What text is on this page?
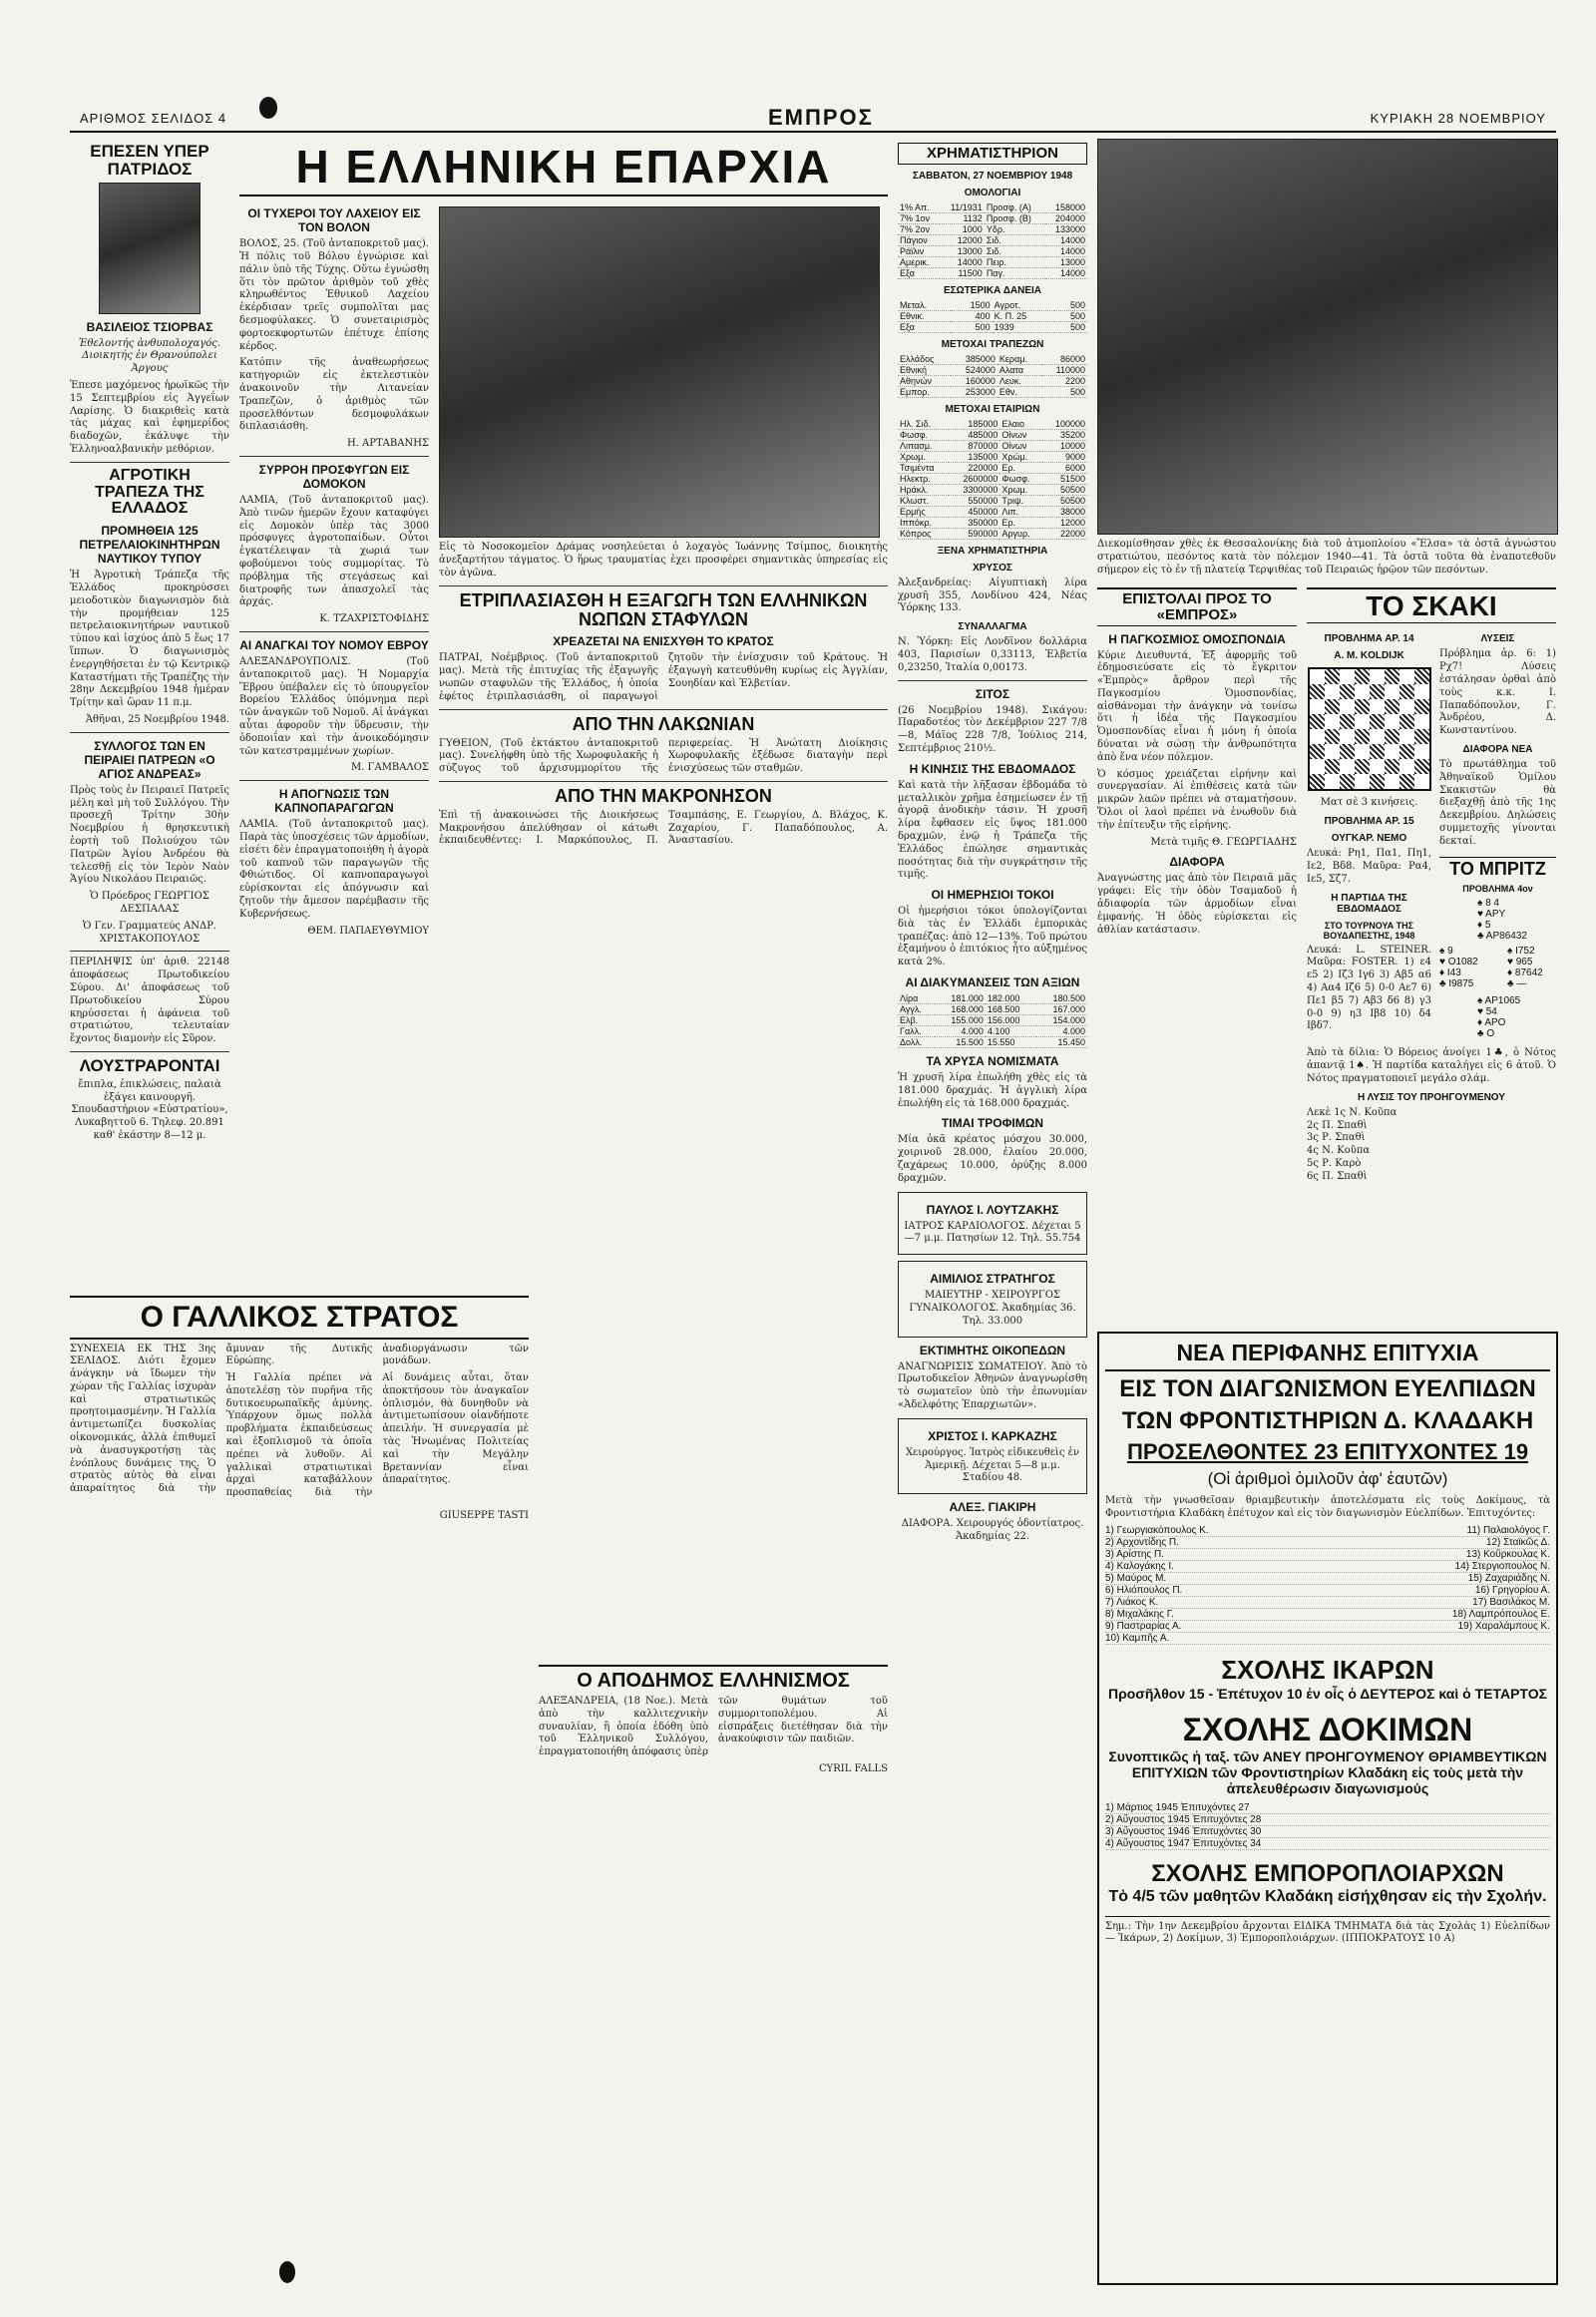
ΑΡΙΘΜΟΣ ΣΕΛΙΔΟΣ 4	ΕΜΠΡΟΣ	ΚΥΡΙΑΚΗ 28 ΝΟΕΜΒΡΙΟΥ
ΕΠΕΣΕΝ ΥΠΕΡ ΠΑΤΡΙΔΟΣ
ΒΑΣΙΛΕΙΟΣ ΤΣΙΟΡΒΑΣ
Ἐθελοντής ἀνθυπολοχαγός. Διοικητής ἐν Θρανούπολει Ἀργους

Ἐπεσε μαχόμενος ἡρωϊκῶς τὴν 15 Σεπτεμβρίου εἰς Ἀγγεΐων Λαρίσης. Ὁ διακριθεὶς κατὰ τὰς μάχας καὶ ἐφημερίδος διαδοχῶν, ἐκάλυψε τὴν Ἑλληνοαλβανικὴν μεθόριον.

ΑΓΡΟΤΙΚΗ ΤΡΑΠΕΖΑ ΤΗΣ ΕΛΛΑΔΟΣ
ΠΡΟΜΗΘΕΙΑ 125 ΠΕΤΡΕΛΑΙΟΚΙΝΗΤΗΡΩΝ ΝΑΥΤΙΚΟΥ ΤΥΠΟΥ

Ἡ Ἀγροτικὴ Τράπεζα τῆς Ἑλλάδος προκηρύσσει μειοδοτικὸν διαγωνισμὸν διὰ τὴν προμήθειαν 125 πετρελαιοκινητήρων ναυτικοῦ τύπου καὶ ἰσχύος ἀπὸ 5 ἕως 17 ἵππων. Ὁ διαγωνισμὸς ἐνεργηθήσεται ἐν τῷ Κεντρικῷ Καταστήματι τῆς Τραπέζης τὴν 28ην Δεκεμβρίου 1948 ἡμέραν Τρίτην καὶ ὥραν 11 π.μ.

Ἀθῆναι, 25 Νοεμβρίου 1948.

ΣΥΛΛΟΓΟΣ ΤΩΝ ΕΝ ΠΕΙΡΑΙΕΙ ΠΑΤΡΕΩΝ «Ο ΑΓΙΟΣ ΑΝΔΡΕΑΣ»

Πρὸς τοὺς ἐν Πειραιεῖ Πατρεῖς μέλη καὶ μὴ τοῦ Συλλόγου. Τὴν προσεχῆ Τρίτην 30ὴν Νοεμβρίου ἡ θρησκευτικὴ ἑορτὴ τοῦ Πολιούχου τῶν Πατρῶν Ἁγίου Ἀνδρέου θὰ τελεσθῇ εἰς τὸν Ἱερὸν Ναὸν Ἁγίου Νικολάου Πειραιῶς.

Ὁ Πρόεδρος ΓΕΩΡΓΙΟΣ ΔΕΣΠΑΛΑΣ

Ὁ Γεν. Γραμματεύς ΑΝΔΡ. ΧΡΙΣΤΑΚΟΠΟΥΛΟΣ

ΠΕΡΙΛΗΨΙΣ ὑπ' ἀριθ. 22148 ἀποφάσεως Πρωτοδικείου Σύρου. Δι' ἀποφάσεως τοῦ Πρωτοδικείου Σύρου κηρύσσεται ἡ ἀφάνεια τοῦ στρατιώτου, τελευταίαν ἔχοντος διαμονὴν εἰς Σῦρον.

ΛΟΥΣΤΡΑΡΟΝΤΑΙ

ἔπιπλα, ἐπικλώσεις, παλαιὰ ἐξάγει καινουργῆ. Σπουδαστήριον «Εὐστρατίου», Λυκαβηττοῦ 6. Τηλεφ. 20.891 καθ' ἑκάστην 8—12 μ.

Η ΕΛΛΗΝΙΚΗ ΕΠΑΡΧΙΑ
ΟΙ ΤΥΧΕΡΟΙ ΤΟΥ ΛΑΧΕΙΟΥ ΕΙΣ ΤΟΝ ΒΟΛΟΝ

ΒΟΛΟΣ, 25. (Τοῦ ἀνταποκριτοῦ μας). Ἡ πόλις τοῦ Βόλου ἐγνώρισε καὶ πάλιν ὑπὸ τῆς Τύχης. Οὕτω ἐγνώσθη ὅτι τὸν πρῶτον ἀριθμὸν τοῦ χθὲς κληρωθέντος Ἐθνικοῦ Λαχείου ἐκέρδισαν τρεῖς συμπολῖται μας δεσμοφύλακες. Ὁ συνεταιρισμὸς φορτοεκφορτωτῶν ἐπέτυχε ἐπίσης κέρδος.

Κατόπιν τῆς ἀναθεωρήσεως κατηγοριῶν εἰς ἐκτελεστικὸν ἀνακοινοῦν τὴν Λιτανείαν Τραπεζῶν, ὁ ἀριθμὸς τῶν προσελθόντων δεσμοφυλάκων διπλασιάσθη.

Η. ΑΡΤΑΒΑΝΗΣ

ΣΥΡΡΟΗ ΠΡΟΣΦΥΓΩΝ ΕΙΣ ΔΟΜΟΚΟΝ

ΛΑΜΙΑ, (Τοῦ ἀνταποκριτοῦ μας). Ἀπὸ τινῶν ἡμερῶν ἔχουν καταφύγει εἰς Δομοκὸν ὑπὲρ τὰς 3000 πρόσφυγες ἀγροτοπαίδων. Οὗτοι ἐγκατέλειψαν τὰ χωριά των φοβούμενοι τοὺς συμμορίτας. Τὸ πρόβλημα τῆς στεγάσεως καὶ διατροφῆς των ἀπασχολεῖ τὰς ἀρχάς.

Κ. ΤΖΑΧΡΙΣΤΟΦΙΔΗΣ

ΑΙ ΑΝΑΓΚΑΙ ΤΟΥ ΝΟΜΟΥ ΕΒΡΟΥ

ΑΛΕΞΑΝΔΡΟΥΠΟΛΙΣ. (Τοῦ ἀνταποκριτοῦ μας). Ἡ Νομαρχία Ἕβρου ὑπέβαλεν εἰς τὸ ὑπουργεῖον Βορείου Ἑλλάδος ὑπόμνημα περὶ τῶν ἀναγκῶν τοῦ Νομοῦ. Αἱ ἀνάγκαι αὗται ἀφοροῦν τὴν ὕδρευσιν, τὴν ὁδοποιΐαν καὶ τὴν ἀνοικοδόμησιν τῶν κατεστραμμένων χωρίων.

Μ. ΓΑΜΒΑΛΟΣ

Η ΑΠΟΓΝΩΣΙΣ ΤΩΝ ΚΑΠΝΟΠΑΡΑΓΩΓΩΝ

ΛΑΜΙΑ. (Τοῦ ἀνταποκριτοῦ μας). Παρὰ τὰς ὑποσχέσεις τῶν ἁρμοδίων, εἰσέτι δὲν ἐπραγματοποιήθη ἡ ἀγορὰ τοῦ καπνοῦ τῶν παραγωγῶν τῆς Φθιώτιδος. Οἱ καπνοπαραγωγοὶ εὑρίσκονται εἰς ἀπόγνωσιν καὶ ζητοῦν τὴν ἄμεσον παρέμβασιν τῆς Κυβερνήσεως.

ΘΕΜ. ΠΑΠΑΕΥΘΥΜΙΟΥ

Εἰς τὸ Νοσοκομεῖον Δράμας νοσηλεύεται ὁ λοχαγὸς Ἰωάννης Τσίμπος, διοικητὴς ἀνεξαρτήτου τάγματος. Ὁ ἥρως τραυματίας ἐχει προσφέρει σημαντικὰς ὑπηρεσίας εἰς τὸν ἀγῶνα.

ΕΤΡΙΠΛΑΣΙΑΣΘΗ Η ΕΞΑΓΩΓΗ ΤΩΝ ΕΛΛΗΝΙΚΩΝ ΝΩΠΩΝ ΣΤΑΦΥΛΩΝ
ΧΡΕΑΖΕΤΑΙ ΝΑ ΕΝΙΣΧΥΘΗ ΤΟ ΚΡΑΤΟΣ

ΠΑΤΡΑΙ, Νοέμβριος. (Τοῦ ἀνταποκριτοῦ μας). Μετὰ τῆς ἐπιτυχίας τῆς ἐξαγωγῆς νωπῶν σταφυλῶν τῆς Ἑλλάδος, ἡ ὁποία ἐφέτος ἐτριπλασιάσθη, οἱ παραγωγοὶ ζητοῦν τὴν ἐνίσχυσιν τοῦ Κράτους. Ἡ ἐξαγωγὴ κατευθύνθη κυρίως εἰς Ἀγγλίαν, Σουηδίαν καὶ Ἑλβετίαν.

ΑΠΟ ΤΗΝ ΛΑΚΩΝΙΑΝ

ΓΥΘΕΙΟΝ, (Τοῦ ἐκτάκτου ἀνταποκριτοῦ μας). Συνελήφθη ὑπὸ τῆς Χωροφυλακῆς ἡ σύζυγος τοῦ ἀρχισυμμορίτου τῆς περιφερείας. Ἡ Ἀνώτατη Διοίκησις Χωροφυλακῆς ἐξέδωσε διαταγὴν περὶ ἐνισχύσεως τῶν σταθμῶν.

ΑΠΟ ΤΗΝ ΜΑΚΡΟΝΗΣΟΝ

Ἐπὶ τῇ ἀνακοινώσει τῆς Διοικήσεως Μακρονήσου ἀπελύθησαν οἱ κάτωθι ἐκπαιδευθέντες: Ι. Μαρκόπουλος, Π. Τσαμπάσης, Ε. Γεωργίου, Δ. Βλάχος, Κ. Ζαχαρίου, Γ. Παπαδόπουλος, Α. Ἀναστασίου.

Ο ΓΑΛΛΙΚΟΣ ΣΤΡΑΤΟΣ

ΣΥΝΕΧΕΙΑ ΕΚ ΤΗΣ 3ης ΣΕΛΙΔΟΣ. Διότι ἔχομεν ἀνάγκην νὰ ἴδωμεν τὴν χώραν τῆς Γαλλίας ἰσχυρὰν καὶ στρατιωτικῶς προητοιμασμένην. Ἡ Γαλλία ἀντιμετωπίζει δυσκολίας οἰκονομικάς, ἀλλὰ ἐπιθυμεῖ νὰ ἀνασυγκροτήσῃ τὰς ἐνόπλους δυνάμεις της. Ὁ στρατὸς αὐτὸς θὰ εἶναι ἀπαραίτητος διὰ τὴν ἄμυναν τῆς Δυτικῆς Εὐρώπης.

Ἡ Γαλλία πρέπει νὰ ἀποτελέσῃ τὸν πυρῆνα τῆς δυτικοευρωπαϊκῆς ἀμύνης. Ὑπάρχουν ὅμως πολλὰ προβλήματα ἐκπαιδεύσεως καὶ ἐξοπλισμοῦ τὰ ὁποῖα πρέπει νὰ λυθοῦν. Αἱ γαλλικαὶ στρατιωτικαὶ ἀρχαὶ καταβάλλουν προσπαθείας διὰ τὴν ἀναδιοργάνωσιν τῶν μονάδων.

Αἱ δυνάμεις αὗται, ὅταν ἀποκτήσουν τὸν ἀναγκαῖον ὁπλισμόν, θὰ δυνηθοῦν νὰ ἀντιμετωπίσουν οἱανδήποτε ἀπειλήν. Ἡ συνεργασία μὲ τὰς Ἡνωμένας Πολιτείας καὶ τὴν Μεγάλην Βρεταννίαν εἶναι ἀπαραίτητος.

GIUSEPPE TASTI

Ο ΑΠΟΔΗΜΟΣ ΕΛΛΗΝΙΣΜΟΣ

ΑΛΕΞΑΝΔΡΕΙΑ, (18 Νοε.). Μετὰ ἀπὸ τὴν καλλιτεχνικὴν συναυλίαν, ἣ ὁποία ἐδόθη ὑπὸ τοῦ Ἑλληνικοῦ Συλλόγου, ἐπραγματοποιήθη ἀπόφασις ὑπὲρ τῶν θυμάτων τοῦ συμμοριτοπολέμου. Αἱ εἰσπράξεις διετέθησαν διὰ τὴν ἀνακούφισιν τῶν παιδιῶν.

CYRIL FALLS

ΧΡΗΜΑΤΙΣΤΗΡΙΟΝ
ΣΑΒΒΑΤΟΝ, 27 ΝΟΕΜΒΡΙΟΥ 1948
ΟΜΟΛΟΓΙΑΙ
1% Απ.	11/1931	Προσφ. (Α)	158000
7% 1ον	1132	Προσφ. (Β)	204000
7% 2ον	1000	Υδρ.	133000
Πάγιον	12000	Σιδ.	14000
Ράϊλιν	13000	Σιδ.	14000
Αμερικ.	14000	Πειρ.	13000
Εξα	11500	Παγ.	14000
ΕΣΩΤΕΡΙΚΑ ΔΑΝΕΙΑ
Μεταλ.	1500	Αγροτ.	500
Εθνικ.	400	Κ. Π. 25	500
Εξα	500	1939	500
ΜΕΤΟΧΑΙ ΤΡΑΠΕΖΩΝ
Ελλάδος	385000	Κεραμ.	86000
Εθνική	524000	Αλατα	110000
Αθηνών	160000	Λευκ.	2200
Εμπορ.	253000	Εθν.	500
ΜΕΤΟΧΑΙ ΕΤΑΙΡΙΩΝ
Ηλ. Σιδ.	185000	Ελαιο	100000
Φωσφ.	485000	Οίνων	35200
Λιπασμ.	870000	Οίνων	10000
Χρωμ.	135000	Χρώμ.	9000
Τσιμέντα	220000	Ερ.	6000
Ηλεκτρ.	2600000	Φωσφ.	51500
Ηράκλ.	3300000	Χρωμ.	50500
Κλωστ.	550000	Τριψ.	50500
Ερμής	450000	Λιπ.	38000
Ιππόκρ.	350000	Ερ.	12000
Κόπρος	590000	Αργυρ.	22000
ΞΕΝΑ ΧΡΗΜΑΤΙΣΤΗΡΙΑ
ΧΡΥΣΟΣ

Ἀλεξανδρείας: Αἰγυπτιακὴ λίρα χρυσῆ 355, Λονδίνου 424, Νέας Ὑόρκης 133.

ΣΥΝΑΛΛΑΓΜΑ

Ν. Ὑόρκη: Εἰς Λονδῖνον δολλάρια 403, Παρισίων 0,33113, Ἑλβετία 0,23250, Ἰταλία 0,00173.

ΣΙΤΟΣ

(26 Νοεμβρίου 1948). Σικάγου: Παραδοτέος τὸν Δεκέμβριον 227 7/8—8, Μάϊος 228 7/8, Ἰούλιος 214, Σεπτέμβριος 210½.

Η ΚΙΝΗΣΙΣ ΤΗΣ ΕΒΔΟΜΑΔΟΣ

Καὶ κατὰ τὴν λῆξασαν ἑβδομάδα τὸ μεταλλικὸν χρῆμα ἐσημείωσεν ἐν τῇ ἀγορᾷ ἀνοδικὴν τάσιν. Ἡ χρυσῆ λίρα ἔφθασεν εἰς ὕψος 181.000 δραχμῶν, ἐνῷ ἡ Τράπεζα τῆς Ἑλλάδος ἐπώλησε σημαντικὰς ποσότητας διὰ τὴν συγκράτησιν τῆς τιμῆς.

ΟΙ ΗΜΕΡΗΣΙΟΙ ΤΟΚΟΙ

Οἱ ἡμερήσιοι τόκοι ὑπολογίζονται διὰ τὰς ἐν Ἑλλάδι ἐμπορικὰς τραπέζας: ἀπὸ 12—13%. Τοῦ πρώτου ἐξαμήνου ὁ ἐπιτόκιος ἦτο αὐξημένος κατὰ 2%.

ΑΙ ΔΙΑΚΥΜΑΝΣΕΙΣ ΤΩΝ ΑΞΙΩΝ
Λίρα	181.000	182.000	180.500
Αγγλ.	168.000	168.500	167.000
Ελβ.	155.000	156.000	154.000
Γαλλ.	4.000	4.100	4.000
Δολλ.	15.500	15.550	15.450
ΤΑ ΧΡΥΣΑ ΝΟΜΙΣΜΑΤΑ

Ἡ χρυσῆ λίρα ἐπωλήθη χθὲς εἰς τὰ 181.000 δραχμάς. Ἡ ἀγγλικὴ λίρα ἐπωλήθη εἰς τὰ 168.000 δραχμάς.

ΤΙΜΑΙ ΤΡΟΦΙΜΩΝ

Μία ὀκᾶ κρέατος μόσχου 30.000, χοιρινοῦ 28.000, ἐλαίου 20.000, ζαχάρεως 10.000, ὀρύζης 8.000 δραχμῶν.

ΠΑΥΛΟΣ Ι. ΛΟΥΤΖΑΚΗΣ

ΙΑΤΡΟΣ ΚΑΡΔΙΟΛΟΓΟΣ. Δέχεται 5—7 μ.μ. Πατησίων 12. Τηλ. 55.754

ΑΙΜΙΛΙΟΣ ΣΤΡΑΤΗΓΟΣ

ΜΑΙΕΥΤΗΡ - ΧΕΙΡΟΥΡΓΟΣ ΓΥΝΑΙΚΟΛΟΓΟΣ. Ἀκαδημίας 36. Τηλ. 33.000

ΕΚΤΙΜΗΤΗΣ ΟΙΚΟΠΕΔΩΝ

ΑΝΑΓΝΩΡΙΣΙΣ ΣΩΜΑΤΕΙΟΥ. Ἀπὸ τὸ Πρωτοδικεῖον Ἀθηνῶν ἀναγνωρίσθη τὸ σωματεῖον ὑπὸ τὴν ἐπωνυμίαν «Ἀδελφότης Ἐπαρχιωτῶν».

ΧΡΙΣΤΟΣ Ι. ΚΑΡΚΑΖΗΣ

Χειρούργος. Ἰατρὸς εἰδικευθεὶς ἐν Ἀμερικῇ. Δέχεται 5—8 μ.μ. Σταδίου 48.

ΑΛΕΞ. ΓΙΑΚΙΡΗ

ΔΙΑΦΟΡΑ. Χειρουργός ὀδοντίατρος. Ἀκαδημίας 22.

Διεκομίσθησαν χθὲς ἐκ Θεσσαλονίκης διὰ τοῦ ἀτμοπλοίου «Ἔλσα» τὰ ὀστᾶ ἀγνώστου στρατιώτου, πεσόντος κατὰ τὸν πόλεμον 1940—41. Τὰ ὀστᾶ τοῦτα θὰ ἐναποτεθοῦν σήμερον εἰς τὸ ἐν τῇ πλατείᾳ Τερψιθέας τοῦ Πειραιῶς ἡρῷον τῶν πεσόντων.

ΕΠΙΣΤΟΛΑΙ ΠΡΟΣ ΤΟ «ΕΜΠΡΟΣ»
Η ΠΑΓΚΟΣΜΙΟΣ ΟΜΟΣΠΟΝΔΙΑ

Κύριε Διευθυντά, Ἐξ ἀφορμῆς τοῦ ἐδημοσιεύσατε εἰς τὸ ἔγκριτον «Ἐμπρὸς» ἄρθρον περὶ τῆς Παγκοσμίου Ὁμοσπονδίας, αἰσθάνομαι τὴν ἀνάγκην νὰ τονίσω ὅτι ἡ ἰδέα τῆς Παγκοσμίου Ὁμοσπονδίας εἶναι ἡ μόνη ἡ ὁποία δύναται νὰ σώσῃ τὴν ἀνθρωπότητα ἀπὸ ἕνα νέον πόλεμον.

Ὁ κόσμος χρειάζεται εἰρήνην καὶ συνεργασίαν. Αἱ ἐπιθέσεις κατὰ τῶν μικρῶν λαῶν πρέπει νὰ σταματήσουν. Ὅλοι οἱ λαοὶ πρέπει νὰ ἑνωθοῦν διὰ τὴν ἐπίτευξιν τῆς εἰρήνης.

Μετὰ τιμῆς Θ. ΓΕΩΡΓΙΑΔΗΣ

ΔΙΑΦΟΡΑ

Ἀναγνώστης μας ἀπὸ τὸν Πειραιᾶ μᾶς γράφει: Εἰς τὴν ὁδὸν Τσαμαδοῦ ἡ ἀδιαφορία τῶν ἁρμοδίων εἶναι ἐμφανής. Ἡ ὁδὸς εὑρίσκεται εἰς ἀθλίαν κατάστασιν.

ΤΟ ΣΚΑΚΙ
ΠΡΟΒΛΗΜΑ ΑΡ. 14
Α. Μ. KOLDIJK

Ματ σὲ 3 κινήσεις.

ΠΡΟΒΛΗΜΑ ΑΡ. 15
ΟΥΓΚΑΡ. ΝΕΜΟ

Λευκά: Ρη1, Πα1, Πη1, Ιε2, Βδ8. Μαῦρα: Ρα4, Ιε5, Σζ7.

Η ΠΑΡΤΙΔΑ ΤΗΣ ΕΒΔΟΜΑΔΟΣ
ΣΤΟ ΤΟΥΡΝΟΥΑ ΤΗΣ ΒΟΥΔΑΠΕΣΤΗΣ, 1948

Λευκά: L. STEINER. Μαῦρα: FOSTER. 1) ε4 ε5 2) Ιζ3 Ιγ6 3) Αβ5 α6 4) Αα4 Ιζ6 5) 0-0 Αε7 6) Πε1 β5 7) Αβ3 δ6 8) γ3 0-0 9) η3 Ιβ8 10) δ4 Ιβδ7.

ΛΥΣΕΙΣ

Πρόβλημα ἀρ. 6: 1) Ρχ7! Λύσεις ἐστάλησαν ὀρθαὶ ἀπὸ τοὺς κ.κ. Ι. Παπαδόπουλον, Γ. Ἀνδρέου, Δ. Κωνσταντίνου.

ΔΙΑΦΟΡΑ ΝΕΑ

Τὸ πρωτάθλημα τοῦ Ἀθηναϊκοῦ Ὁμίλου Σκακιστῶν θὰ διεξαχθῇ ἀπὸ τῆς 1ης Δεκεμβρίου. Δηλώσεις συμμετοχῆς γίνονται δεκταί.

ΤΟ ΜΠΡΙΤΖ
ΠΡΟΒΛΗΜΑ 4ον
♠ 8 4
♥ ΑΡΥ
♦ 5
♣ ΑΡ86432
♠ 9
♥ Ο1082
♦ Ι43
♣ Ι9875
♠ Ι752
♥ 965
♦ 87642
♣ —
♠ ΑΡ1065
♥ 54
♦ ΑΡΟ
♣ Ο

Ἀπὸ τὰ δίλια: Ὁ Βόρειος ἀνοίγει 1♣, ὁ Νότος ἀπαντᾷ 1♠. Ἡ παρτίδα καταλήγει εἰς 6 ἀτοῦ. Ὁ Νότος πραγματοποιεῖ μεγάλο σλάμ.

Η ΛΥΣΙΣ ΤΟΥ ΠΡΟΗΓΟΥΜΕΝΟΥ
Λεκὲ 1ς Ν. Κοῦπα
2ς Π. Σπαθὶ
3ς Ρ. Σπαθὶ
4ς Ν. Κοῦπα
5ς Ρ. Καρὸ
6ς Π. Σπαθὶ
ΝΕΑ ΠΕΡΙΦΑΝΗΣ ΕΠΙΤΥΧΙΑ
ΕΙΣ ΤΟΝ ΔΙΑΓΩΝΙΣΜΟΝ ΕΥΕΛΠΙΔΩΝ
ΤΩΝ ΦΡΟΝΤΙΣΤΗΡΙΩΝ Δ. ΚΛΑΔΑΚΗ
ΠΡΟΣΕΛΘΟΝΤΕΣ 23 ΕΠΙΤΥΧΟΝΤΕΣ 19
(Οἱ ἀριθμοὶ ὁμιλοῦν ἀφ' ἑαυτῶν)

Μετὰ τὴν γνωσθεῖσαν θριαμβευτικὴν ἀποτελέσματα εἰς τοὺς Δοκίμους, τὰ Φροντιστήρια Κλαδάκη ἐπέτυχον καὶ εἰς τὸν διαγωνισμὸν Εὐελπίδων. Ἐπιτυχόντες:

1) Γεωργιακόπουλος Κ.	11) Παλαιολόγος Γ.
2) Αρχοντίδης Π.	12) Σταϊκῶς Δ.
3) Αρίστης Π.	13) Κοῦρκουλας Κ.
4) Καλογάκης Ι.	14) Στεργιοπουλος Ν.
5) Μαύρος Μ.	15) Ζαχαριάδης Ν.
6) Ηλιόπουλος Π.	16) Γρηγορίου Α.
7) Λιάκος Κ.	17) Βασιλάκος Μ.
8) Μιχαλάκης Γ.	18) Λαμπρόπουλος Ε.
9) Παστραρίας Α.	19) Χαραλάμπους Κ.
10) Καμπῆς Α.
ΣΧΟΛΗΣ ΙΚΑΡΩΝ
Προσῆλθον 15 - Ἐπέτυχον 10 ἐν οἷς ὁ ΔΕΥΤΕΡΟΣ καὶ ὁ ΤΕΤΑΡΤΟΣ
ΣΧΟΛΗΣ ΔΟΚΙΜΩΝ
Συνοπτικῶς ἡ ταξ. τῶν ΑΝΕΥ ΠΡΟΗΓΟΥΜΕΝΟΥ ΘΡΙΑΜΒΕΥΤΙΚΩΝ ΕΠΙΤΥΧΙΩΝ τῶν Φροντιστηρίων Κλαδάκη εἰς τοὺς μετὰ τὴν ἀπελευθέρωσιν διαγωνισμούς
1) Μάρτιος 1945 Ἐπιτυχόντες 27
2) Αὔγουστος 1945 Ἐπιτυχόντες 28
3) Αὔγουστος 1946 Ἐπιτυχόντες 30
4) Αὔγουστος 1947 Ἐπιτυχόντες 34
ΣΧΟΛΗΣ ΕΜΠΟΡΟΠΛΟΙΑΡΧΩΝ
Τὸ 4/5 τῶν μαθητῶν Κλαδάκη εἰσήχθησαν εἰς τὴν Σχολήν.

Σημ.: Τὴν 1ην Δεκεμβρίου ἄρχονται ΕΙΔΙΚΑ ΤΜΗΜΑΤΑ διὰ τὰς Σχολὰς 1) Εὐελπίδων — Ἰκάρων, 2) Δοκίμων, 3) Ἐμποροπλοιάρχων. (ΙΠΠΟΚΡΑΤΟΥΣ 10 Α)
